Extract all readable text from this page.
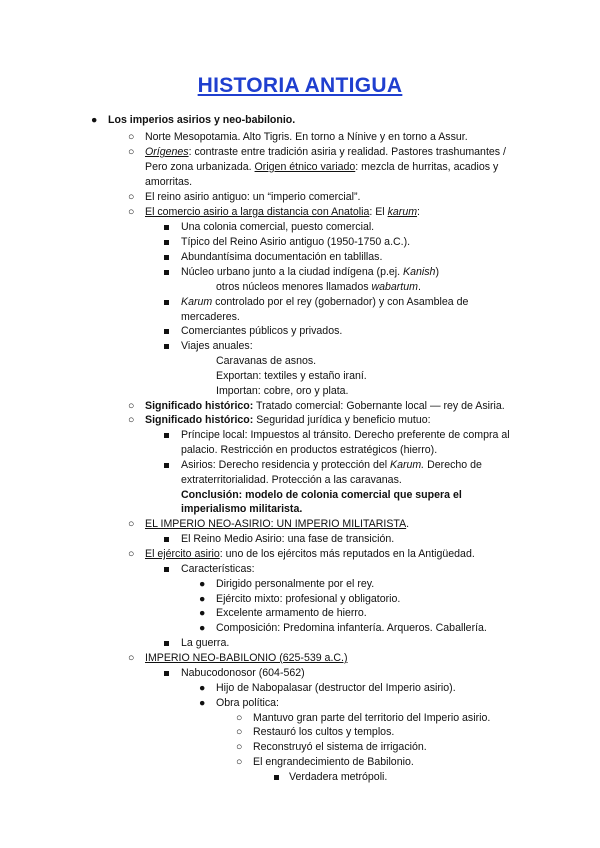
HISTORIA ANTIGUA
● Los imperios asirios y neo-babilonio.
○ Norte Mesopotamia. Alto Tigris. En torno a Nínive y en torno a Assur.
○ Orígenes: contraste entre tradición asiria y realidad. Pastores trashumantes /
Pero zona urbanizada. Origen étnico variado: mezcla de hurritas, acadios y
amorritas.
○ El reino asirio antiguo: un “imperio comercial”.
○ El comercio asirio a larga distancia con Anatolia: El karum:
Una colonia comercial, puesto comercial.
Típico del Reino Asirio antiguo (1950-1750 a.C.).
Abundantísima documentación en tablillas.
Núcleo urbano junto a la ciudad indígena (p.ej. Kanish)
otros núcleos menores llamados wabartum.
Karum controlado por el rey (gobernador) y con Asamblea de
mercaderes.
Comerciantes públicos y privados.
Viajes anuales:
Caravanas de asnos.
Exportan: textiles y estaño iraní.
Importan: cobre, oro y plata.
○ Significado histórico: Tratado comercial: Gobernante local — rey de Asiria.
○ Significado histórico: Seguridad jurídica y beneficio mutuo:
Príncipe local: Impuestos al tránsito. Derecho preferente de compra al
palacio. Restricción en productos estratégicos (hierro).
Asirios: Derecho residencia y protección del Karum. Derecho de
extraterritorialidad. Protección a las caravanas.
Conclusión: modelo de colonia comercial que supera el
imperialismo militarista.
○ EL IMPERIO NEO-ASIRIO: UN IMPERIO MILITARISTA.
El Reino Medio Asirio: una fase de transición.
○ El ejército asirio: uno de los ejércitos más reputados en la Antigüedad.
Características:
● Dirigido personalmente por el rey.
● Ejército mixto: profesional y obligatorio.
● Excelente armamento de hierro.
● Composición: Predomina infantería. Arqueros. Caballería.
La guerra.
○ IMPERIO NEO-BABILONIO (625-539 a.C.)
Nabucodonosor (604-562)
● Hijo de Nabopalasar (destructor del Imperio asirio).
● Obra política:
○ Mantuvo gran parte del territorio del Imperio asirio.
○ Restauró los cultos y templos.
○ Reconstruyó el sistema de irrigación.
○ El engrandecimiento de Babilonio.
Verdadera metrópoli.
